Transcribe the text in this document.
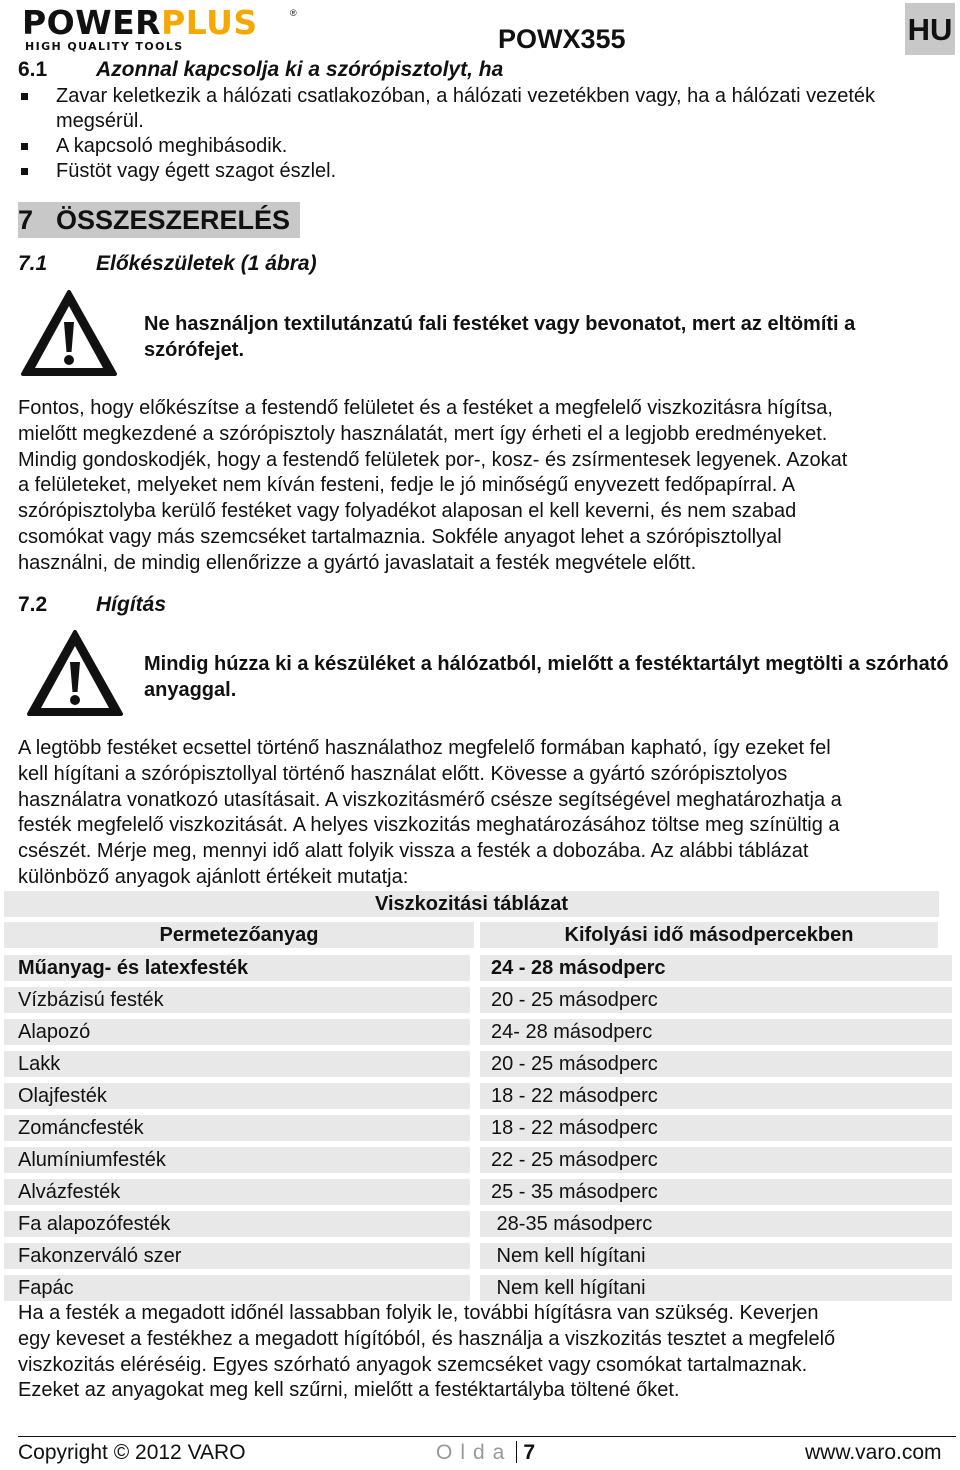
POWERPLUS	®
HIGH QUALITY TOOLS	POWX355	HU
6.1 Azonnal kapcsolja ki a szórópisztolyt, ha
Zavar keletkezik a hálózati csatlakozóban, a hálózati vezetékben vagy, ha a hálózati vezeték megsérül.
A kapcsoló meghibásodik.
Füstöt vagy égett szagot észlel.
7 ÖSSZESZERELÉS
7.1 Előkészületek (1 ábra)
Ne használjon textilutánzatú fali festéket vagy bevonatot, mert az eltömíti a szórófejet.
Fontos, hogy előkészítse a festendő felületet és a festéket a megfelelő viszkozitásra hígítsa,
mielőtt megkezdené a szórópisztoly használatát, mert így érheti el a legjobb eredményeket.
Mindig gondoskodjék, hogy a festendő felületek por-, kosz- és zsírmentesek legyenek. Azokat
a felületeket, melyeket nem kíván festeni, fedje le jó minőségű enyvezett fedőpapírral. A
szórópisztolyba kerülő festéket vagy folyadékot alaposan el kell keverni, és nem szabad
csomókat vagy más szemcséket tartalmaznia. Sokféle anyagot lehet a szórópisztollyal
használni, de mindig ellenőrizze a gyártó javaslatait a festék megvétele előtt.
7.2 Hígítás
Mindig húzza ki a készüléket a hálózatból, mielőtt a festéktartályt megtölti a szórható anyaggal.
A legtöbb festéket ecsettel történő használathoz megfelelő formában kapható, így ezeket fel
kell hígítani a szórópisztollyal történő használat előtt. Kövesse a gyártó szórópisztolyos
használatra vonatkozó utasításait. A viszkozitásmérő csésze segítségével meghatározhatja a
festék megfelelő viszkozitását. A helyes viszkozitás meghatározásához töltse meg színültig a
csészét. Mérje meg, mennyi idő alatt folyik vissza a festék a dobozába. Az alábbi táblázat
különböző anyagok ajánlott értékeit mutatja:
Viszkozitási táblázat
Permetezőanyag	Kifolyási idő másodpercekben
Műanyag- és latexfesték	24 - 28 másodperc
Vízbázisú festék	20 - 25 másodperc
Alapozó	24- 28 másodperc
Lakk	20 - 25 másodperc
Olajfesték	18 - 22 másodperc
Zománcfesték	18 - 22 másodperc
Alumíniumfesték	22 - 25 másodperc
Alvázfesték	25 - 35 másodperc
Fa alapozófesték	28-35 másodperc
Fakonzerváló szer	Nem kell hígítani
Fapác	Nem kell hígítani
Ha a festék a megadott időnél lassabban folyik le, további hígításra van szükség. Keverjen
egy keveset a festékhez a megadott hígítóból, és használja a viszkozitás tesztet a megfelelő
viszkozitás eléréséig. Egyes szórható anyagok szemcséket vagy csomókat tartalmaznak.
Ezeket az anyagokat meg kell szűrni, mielőtt a festéktartályba töltené őket.
Copyright © 2012 VARO	Olda 7	www.varo.com
